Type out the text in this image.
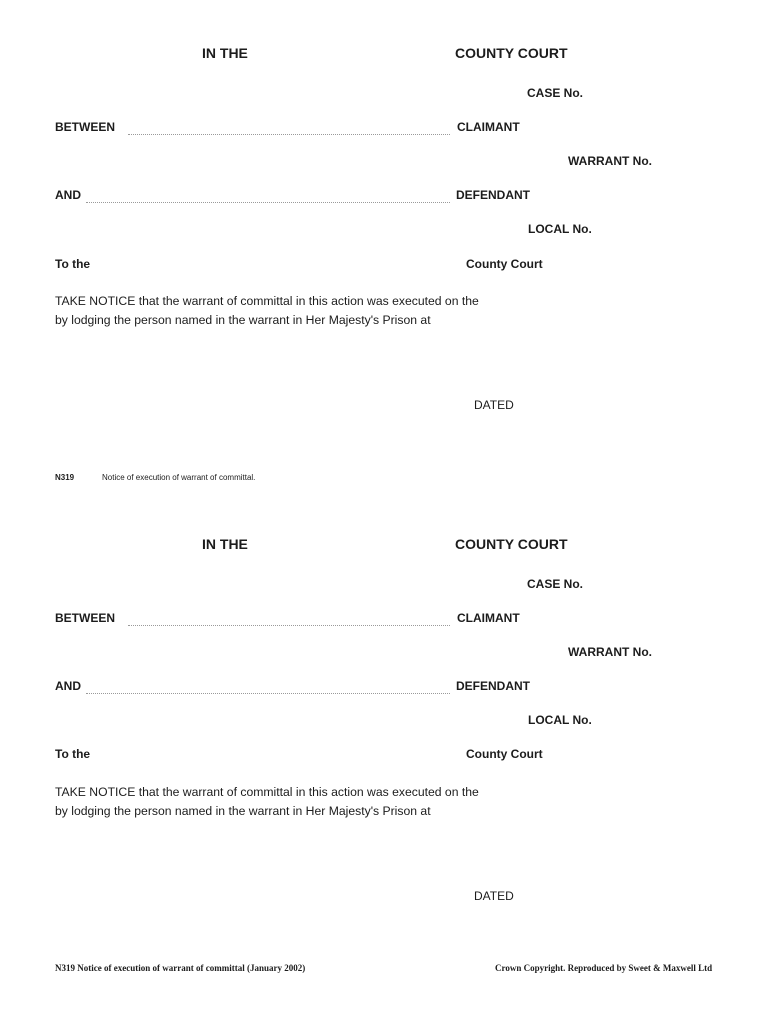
IN THE	COUNTY COURT
CASE No.
BETWEEN	CLAIMANT
WARRANT No.
AND	DEFENDANT
LOCAL No.
To the	County Court
TAKE NOTICE that the warrant of committal in this action was executed on the
by lodging the person named in the warrant in Her Majesty's Prison at
DATED
N319	Notice of execution of warrant of committal.
IN THE	COUNTY COURT
CASE No.
BETWEEN	CLAIMANT
WARRANT No.
AND	DEFENDANT
LOCAL No.
To the	County Court
TAKE NOTICE that the warrant of committal in this action was executed on the
by lodging the person named in the warrant in Her Majesty's Prison at
DATED
N319 Notice of execution of warrant of committal (January 2002)	Crown Copyright. Reproduced by Sweet & Maxwell Ltd
